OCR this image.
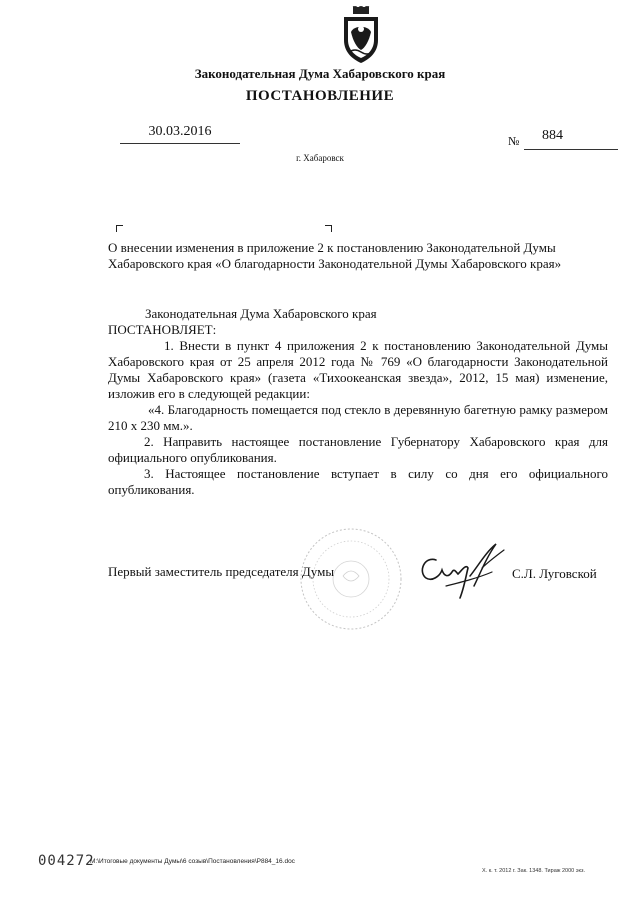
Законодательная Дума Хабаровского края
ПОСТАНОВЛЕНИЕ
30.03.2016
№ 884
г. Хабаровск
О внесении изменения в приложение 2 к постановлению Законодательной Думы Хабаровского края «О благодарности Законодательной Думы Хабаровского края»
Законодательная Дума Хабаровского края
ПОСТАНОВЛЯЕТ:

1. Внести в пункт 4 приложения 2 к постановлению Законодательной Думы Хабаровского края от 25 апреля 2012 года № 769 «О благодарности Законодательной Думы Хабаровского края» (газета «Тихоокеанская звезда», 2012, 15 мая) изменение, изложив его в следующей редакции:

«4. Благодарность помещается под стекло в деревянную багетную рамку размером 210 х 230 мм.».

2. Направить настоящее постановление Губернатору Хабаровского края для официального опубликования.

3. Настоящее постановление вступает в силу со дня его официального опубликования.

Первый заместитель председателя Думы	С.Л. Луговской
004272
М:\Итоговые документы Думы\6 созыв\Постановления\P884_16.doc
Х. к. т. 2012 г. Зак. 1348. Тираж 2000 экз.
